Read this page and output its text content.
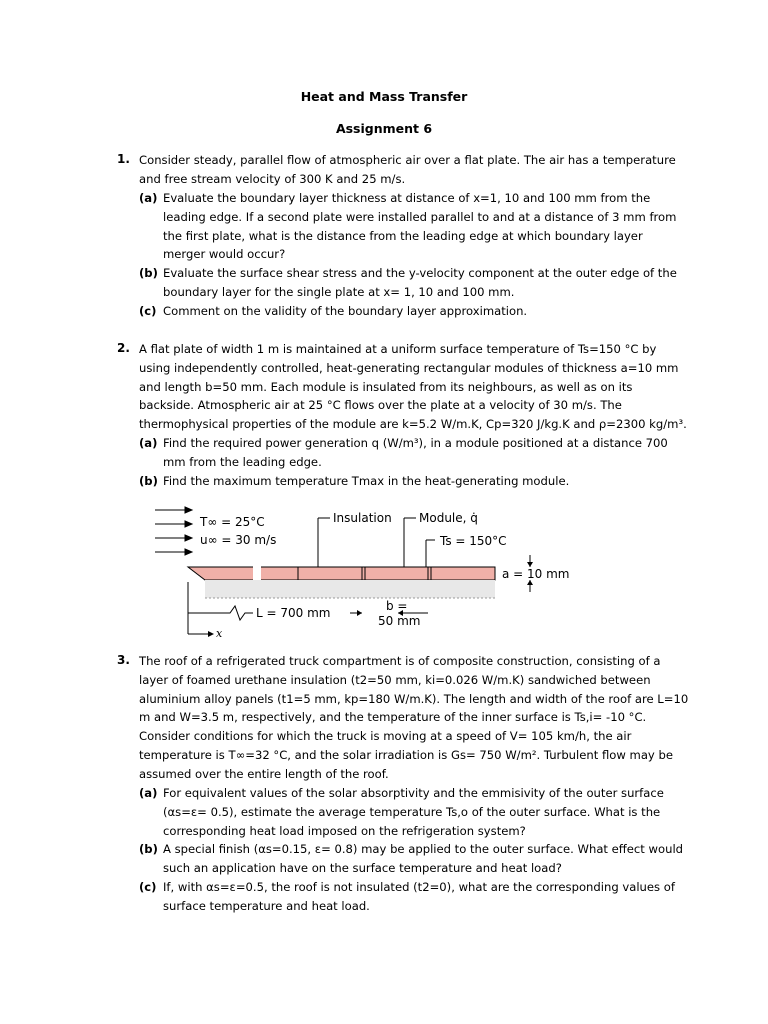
Heat and Mass Transfer
Assignment 6
1. Consider steady, parallel flow of atmospheric air over a flat plate. The air has a temperature
and free stream velocity of 300 K and 25 m/s.
(a) Evaluate the boundary layer thickness at distance of x=1, 10 and 100 mm from the
leading edge. If a second plate were installed parallel to and at a distance of 3 mm from
the first plate, what is the distance from the leading edge at which boundary layer
merger would occur?
(b) Evaluate the surface shear stress and the y-velocity component at the outer edge of the
boundary layer for the single plate at x= 1, 10 and 100 mm.
(c) Comment on the validity of the boundary layer approximation.
2. A flat plate of width 1 m is maintained at a uniform surface temperature of Ts=150 °C by
using independently controlled, heat-generating rectangular modules of thickness a=10 mm
and length b=50 mm. Each module is insulated from its neighbours, as well as on its
backside. Atmospheric air at 25 °C flows over the plate at a velocity of 30 m/s. The
thermophysical properties of the module are k=5.2 W/m.K, Cp=320 J/kg.K and ρ=2300 kg/m³.
(a) Find the required power generation q (W/m³), in a module positioned at a distance 700
mm from the leading edge.
(b) Find the maximum temperature Tmax in the heat-generating module.
T∞ = 25°C
u∞ = 30 m/s
Insulation Module, q̇
Ts = 150°C
a = 10 mm
x
L = 700 mm	b =
50 mm
3. The roof of a refrigerated truck compartment is of composite construction, consisting of a
layer of foamed urethane insulation (t2=50 mm, ki=0.026 W/m.K) sandwiched between
aluminium alloy panels (t1=5 mm, kp=180 W/m.K). The length and width of the roof are L=10
m and W=3.5 m, respectively, and the temperature of the inner surface is Ts,i= -10 °C.
Consider conditions for which the truck is moving at a speed of V= 105 km/h, the air
temperature is T∞=32 °C, and the solar irradiation is Gs= 750 W/m². Turbulent flow may be
assumed over the entire length of the roof.
(a) For equivalent values of the solar absorptivity and the emmisivity of the outer surface
(αs=ε= 0.5), estimate the average temperature Ts,o of the outer surface. What is the
corresponding heat load imposed on the refrigeration system?
(b) A special finish (αs=0.15, ε= 0.8) may be applied to the outer surface. What effect would
such an application have on the surface temperature and heat load?
(c) If, with αs=ε=0.5, the roof is not insulated (t2=0), what are the corresponding values of
surface temperature and heat load.
